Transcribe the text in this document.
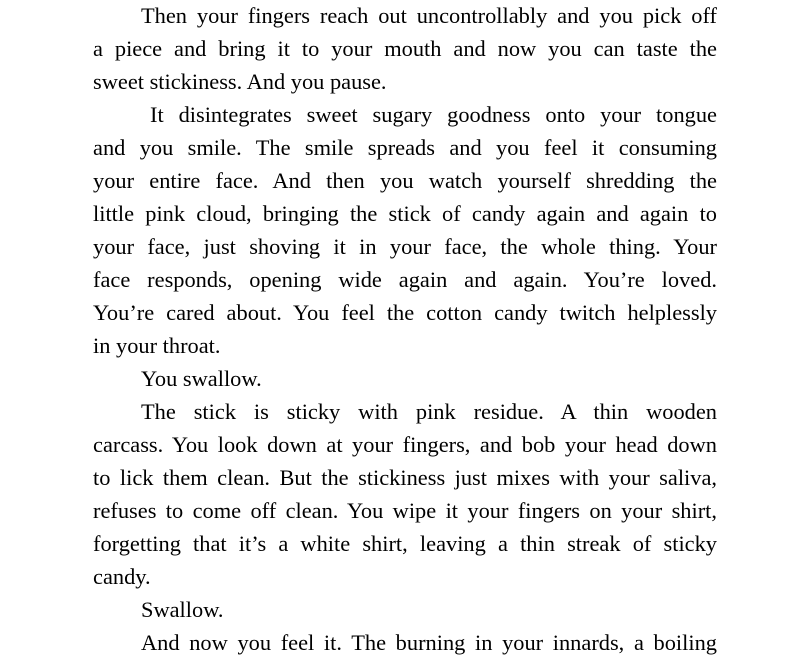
Then your fingers reach out uncontrollably and you pick off
a piece and bring it to your mouth and now you can taste the
sweet stickiness. And you pause.
It disintegrates sweet sugary goodness onto your tongue
and you smile. The smile spreads and you feel it consuming
your entire face. And then you watch yourself shredding the
little pink cloud, bringing the stick of candy again and again to
your face, just shoving it in your face, the whole thing. Your
face responds, opening wide again and again. You’re loved.
You’re cared about. You feel the cotton candy twitch helplessly
in your throat.
You swallow.
The stick is sticky with pink residue. A thin wooden
carcass. You look down at your fingers, and bob your head down
to lick them clean. But the stickiness just mixes with your saliva,
refuses to come off clean. You wipe it your fingers on your shirt,
forgetting that it’s a white shirt, leaving a thin streak of sticky
candy.
Swallow.
And now you feel it. The burning in your innards, a boiling
